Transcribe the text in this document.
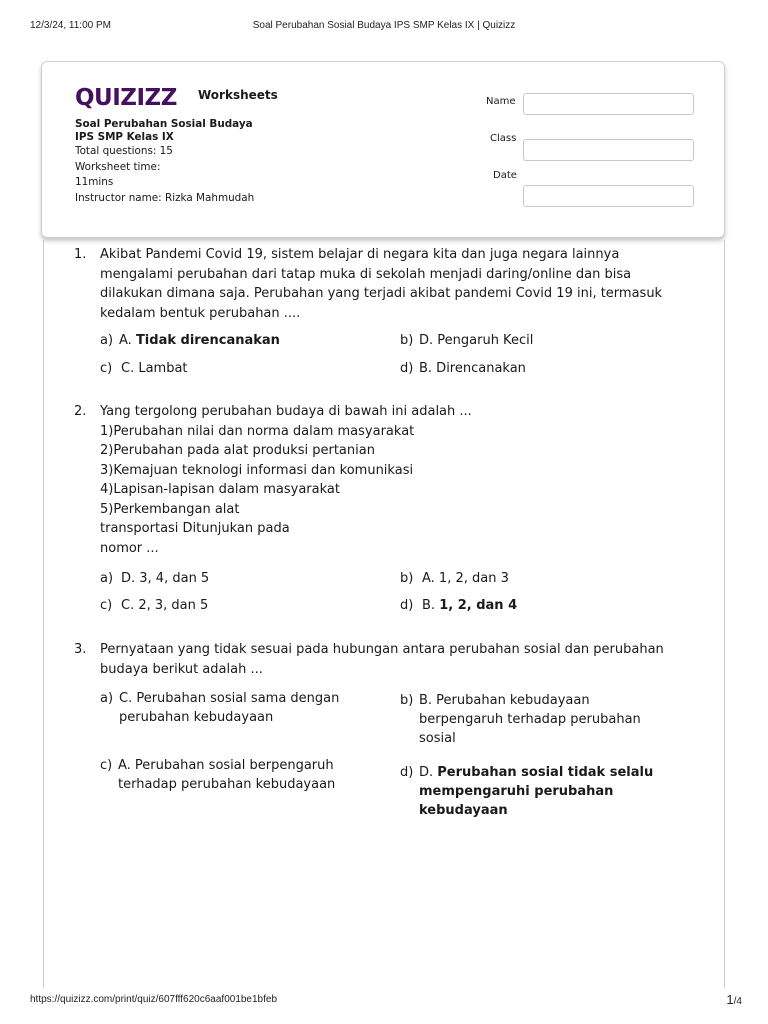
12/3/24, 11:00 PM	Soal Perubahan Sosial Budaya IPS SMP Kelas IX | Quizizz
QUIZIZZ Worksheets
Soal Perubahan Sosial Budaya
IPS SMP Kelas IX
Total questions: 15
Worksheet time:
11mins
Instructor name: Rizka Mahmudah
Name
Class
Date
1. Akibat Pandemi Covid 19, sistem belajar di negara kita dan juga negara lainnya
mengalami perubahan dari tatap muka di sekolah menjadi daring/online dan bisa
dilakukan dimana saja. Perubahan yang terjadi akibat pandemi Covid 19 ini, termasuk
kedalam bentuk perubahan ....
a) A. Tidak direncanakan	b) D. Pengaruh Kecil
c) C. Lambat	d) B. Direncanakan
2. Yang tergolong perubahan budaya di bawah ini adalah ...
1)Perubahan nilai dan norma dalam masyarakat
2)Perubahan pada alat produksi pertanian
3)Kemajuan teknologi informasi dan komunikasi
4)Lapisan-lapisan dalam masyarakat
5)Perkembangan alat
transportasi Ditunjukan pada
nomor ...
a) D. 3, 4, dan 5	b) A. 1, 2, dan 3
c) C. 2, 3, dan 5	d) B. 1, 2, dan 4
3. Pernyataan yang tidak sesuai pada hubungan antara perubahan sosial dan perubahan
budaya berikut adalah ...
a) C. Perubahan sosial sama dengan
perubahan kebudayaan
b) B. Perubahan kebudayaan
berpengaruh terhadap perubahan
sosial
c) A. Perubahan sosial berpengaruh
terhadap perubahan kebudayaan
d) D. Perubahan sosial tidak selalu
mempengaruhi perubahan
kebudayaan
https://quizizz.com/print/quiz/607fff620c6aaf001be1bfeb	1/4
